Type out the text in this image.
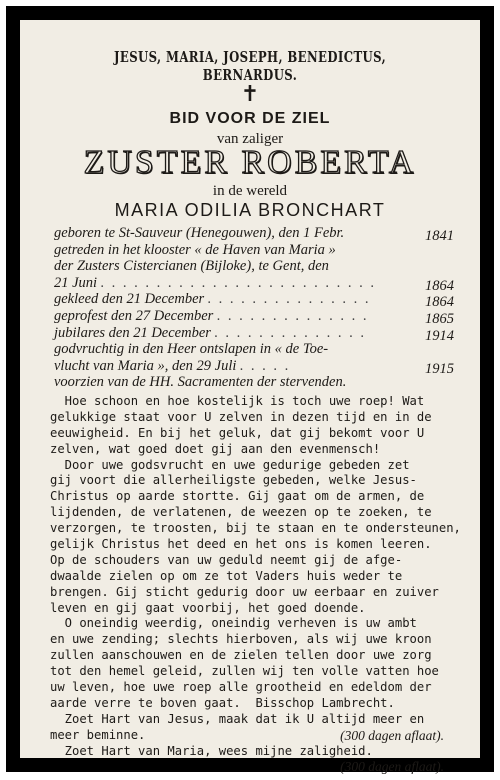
JESUS, MARIA, JOSEPH, BENEDICTUS, BERNARDUS.
✝
BID VOOR DE ZIEL
van zaliger
ZUSTER ROBERTA
in de wereld
MARIA ODILIA BRONCHART
geboren te St-Sauveur (Henegouwen), den 1 Febr.	1841
getreden in het klooster « de Haven van Maria »
der Zusters Cistercianen (Bijloke), te Gent, den
21 Juni . . . . . . . . . . . . . . . . . . . . . . . . .	1864
gekleed den 21 December . . . . . . . . . . . . . . .	1864
geprofest den 27 December . . . . . . . . . . . . . .	1865
jubilares den 21 December . . . . . . . . . . . . . .	1914
godvruchtig in den Heer ontslapen in « de Toe-
vlucht van Maria », den 29 Juli . . . . .	1915
voorzien van de HH. Sacramenten der stervenden.
Hoe schoon en hoe kostelijk is toch uwe roep! Wat
gelukkige staat voor U zelven in dezen tijd en in de
eeuwigheid. En bij het geluk, dat gij bekomt voor U
zelven, wat goed doet gij aan den evenmensch!
Door uwe godsvrucht en uwe gedurige gebeden zet
gij voort die allerheiligste gebeden, welke Jesus-
Christus op aarde stortte. Gij gaat om de armen, de
lijdenden, de verlatenen, de weezen op te zoeken, te
verzorgen, te troosten, bij te staan en te ondersteunen,
gelijk Christus het deed en het ons is komen leeren.
Op de schouders van uw geduld neemt gij de afge-
dwaalde zielen op om ze tot Vaders huis weder te
brengen. Gij sticht gedurig door uw eerbaar en zuiver
leven en gij gaat voorbij, het goed doende.
O oneindig weerdig, oneindig verheven is uw ambt
en uwe zending; slechts hierboven, als wij uwe kroon
zullen aanschouwen en de zielen tellen door uwe zorg
tot den hemel geleid, zullen wij ten volle vatten hoe
uw leven, hoe uwe roep alle grootheid en edeldom der
aarde verre te boven gaat.  Bisschop Lambrecht.
Zoet Hart van Jesus, maak dat ik U altijd meer en
meer beminne.	(300 dagen aflaat).
Zoet Hart van Maria, wees mijne zaligheid.
(300 dagen aflaat).
